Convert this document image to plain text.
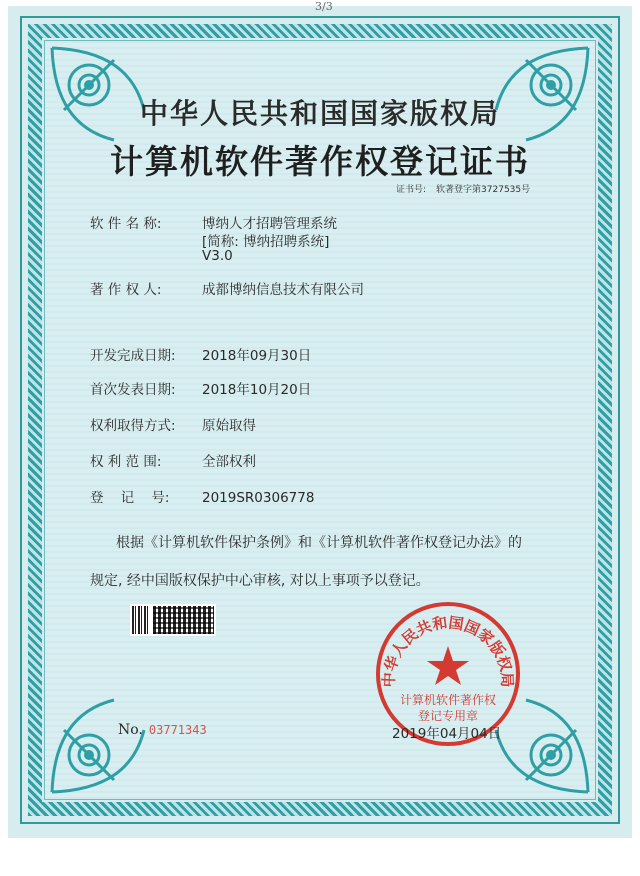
3/3
中华人民共和国国家版权局
计算机软件著作权登记证书
证书号: 软著登字第3727535号
软 件 名 称:	博纳人才招聘管理系统
[简称: 博纳招聘系统]
V3.0
著 作 权 人:	成都博纳信息技术有限公司
开发完成日期: 2018年09月30日
首次发表日期: 2018年10月20日
权利取得方式: 原始取得
权 利 范 围:	全部权利
登    记    号: 2019SR0306778
根据《计算机软件保护条例》和《计算机软件著作权登记办法》的
规定, 经中国版权保护中心审核, 对以上事项予以登记。
中华人民共和国国家版权局
计算机软件著作权
登记专用章
No. 03771343	2019年04月04日
